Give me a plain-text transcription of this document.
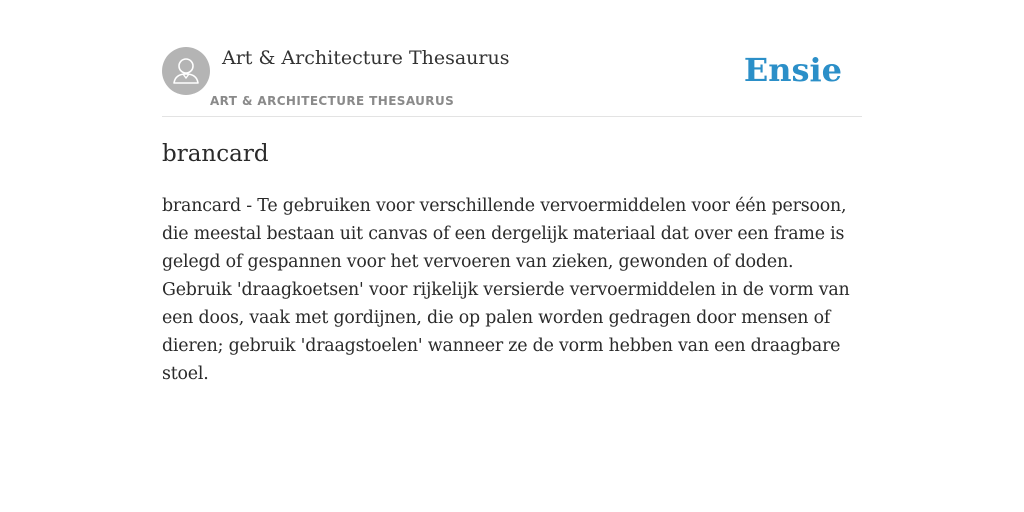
Art & Architecture Thesaurus
ART & ARCHITECTURE THESAURUS
Ensie
brancard

brancard - Te gebruiken voor verschillende vervoermiddelen voor één persoon, die meestal bestaan uit canvas of een dergelijk materiaal dat over een frame is gelegd of gespannen voor het vervoeren van zieken, gewonden of doden. Gebruik 'draagkoetsen' voor rijkelijk versierde vervoermiddelen in de vorm van een doos, vaak met gordijnen, die op palen worden gedragen door mensen of dieren; gebruik 'draagstoelen' wanneer ze de vorm hebben van een draagbare stoel.
